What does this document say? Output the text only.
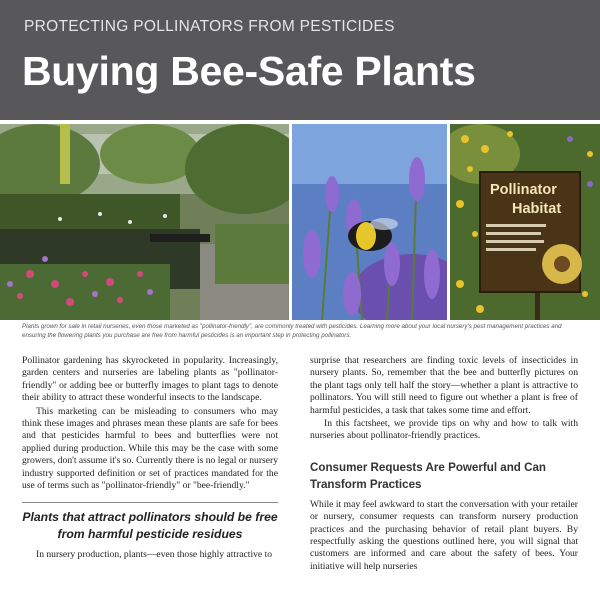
PROTECTING POLLINATORS FROM PESTICIDES
Buying Bee-Safe Plants
Pollinator
Habitat

Plants grown for sale in retail nurseries, even those marketed as "pollinator-friendly", are commonly treated with pesticides. Learning more about your local nursery's pest management practices and ensuring the flowering plants you purchase are free from harmful pesticides is an important step in protecting pollinators.

Pollinator gardening has skyrocketed in popularity. Increasingly, garden centers and nurseries are labeling plants as "pollinator-friendly" or adding bee or butterfly images to plant tags to denote their ability to attract these wonderful insects to the landscape.

This marketing can be misleading to consumers who may think these images and phrases mean these plants are safe for bees and that pesticides harmful to bees and butterflies were not applied during production. While this may be the case with some growers, don't assume it's so. Currently there is no legal or nursery industry supported definition or set of practices mandated for the use of terms such as "pollinator-friendly" or "bee-friendly."

Plants that attract pollinators should be free from harmful pesticide residues

In nursery production, plants—even those highly attractive to

surprise that researchers are finding toxic levels of insecticides in nursery plants. So, remember that the bee and butterfly pictures on the plant tags only tell half the story—whether a plant is attractive to pollinators. You will still need to figure out whether a plant is free of harmful pesticides, a task that takes some time and effort.

In this factsheet, we provide tips on why and how to talk with nurseries about pollinator-friendly practices.

Consumer Requests Are Powerful and Can Transform Practices

While it may feel awkward to start the conversation with your retailer or nursery, consumer requests can transform nursery production practices and the purchasing behavior of retail plant buyers. By respectfully asking the questions outlined here, you will signal that customers are informed and care about the safety of bees. Your initiative will help nurseries
